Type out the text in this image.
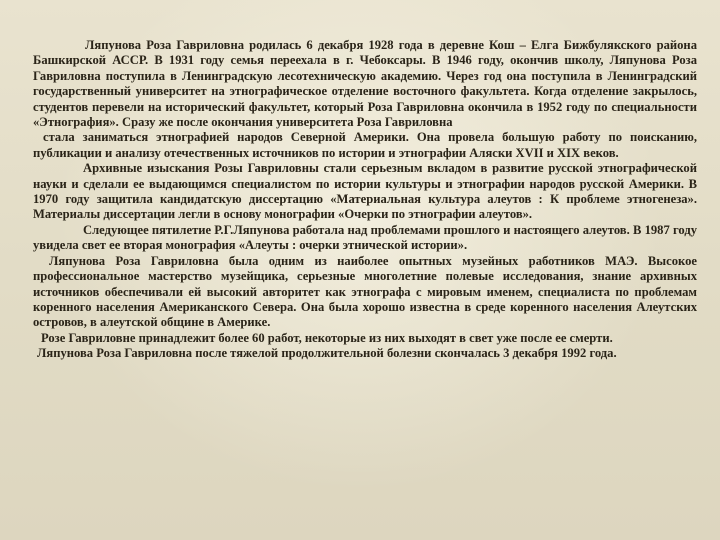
Ляпунова Роза Гавриловна родилась 6 декабря 1928 года в деревне Кош – Елга Бижбулякского района Башкирской АССР. В 1931 году семья переехала в г. Чебоксары. В 1946 году, окончив школу, Ляпунова Роза Гавриловна поступила в Ленинградскую лесотехническую академию. Через год она поступила в Ленинградский государственный университет на этнографическое отделение восточного факультета. Когда отделение закрылось, студентов перевели на исторический факультет, который Роза Гавриловна окончила в 1952 году по специальности «Этнография». Сразу же после окончания университета Роза Гавриловна

стала заниматься этнографией народов Северной Америки. Она провела большую работу по поисканию, публикации и анализу отечественных источников по истории и этнографии Аляски XVII и XIX веков.

Архивные изыскания Розы Гавриловны стали серьезным вкладом в развитие русской этнографической науки и сделали ее выдающимся специалистом по истории культуры и этнографии народов русской Америки. В 1970 году защитила кандидатскую диссертацию «Материальная культура алеутов : К проблеме этногенеза». Материалы диссертации легли в основу монографии «Очерки по этнографии алеутов».

Следующее пятилетие Р.Г.Ляпунова работала над проблемами прошлого и настоящего алеутов. В 1987 году увидела свет ее вторая монография «Алеуты : очерки этнической истории».

Ляпунова Роза Гавриловна была одним из наиболее опытных музейных работников МАЭ. Высокое профессиональное мастерство музейщика, серьезные многолетние полевые исследования, знание архивных источников обеспечивали ей высокий авторитет как этнографа с мировым именем, специалиста по проблемам коренного населения Американского Севера. Она была хорошо известна в среде коренного населения Алеутских островов, в алеутской общине в Америке.

Розе Гавриловне принадлежит более 60 работ, некоторые из них выходят в свет уже после ее смерти.

Ляпунова Роза Гавриловна после тяжелой продолжительной болезни скончалась 3 декабря 1992 года.
